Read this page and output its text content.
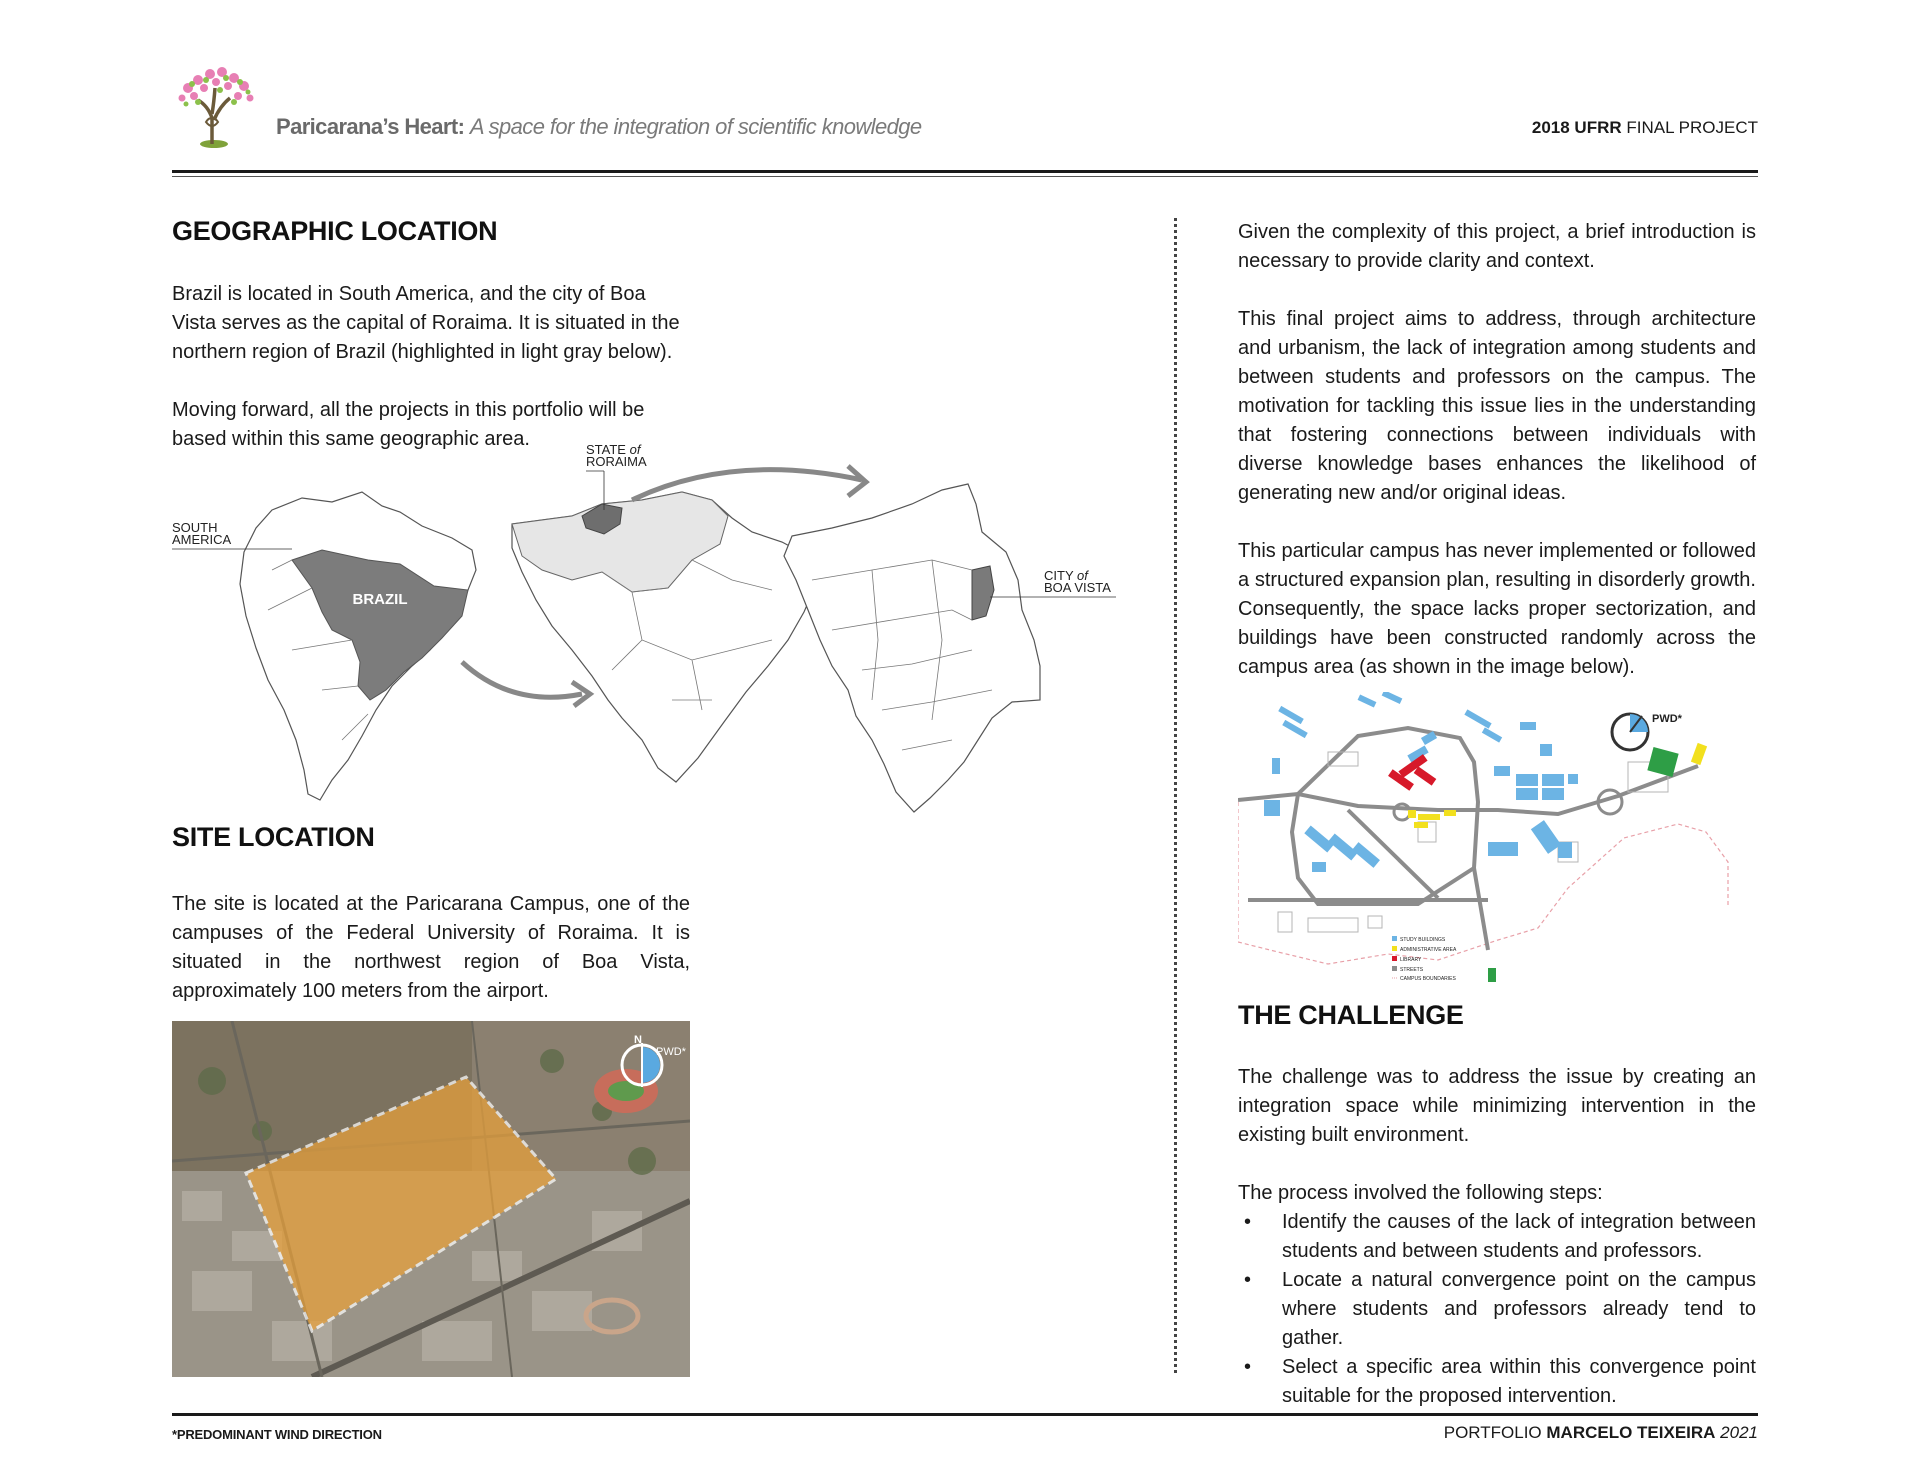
Paricarana’s Heart: A space for the integration of scientific knowledge	2018 UFRR FINAL PROJECT
GEOGRAPHIC LOCATION

Brazil is located in South America, and the city of Boa Vista serves as the capital of Roraima. It is situated in the northern region of Brazil (highlighted in light gray below).

Moving forward, all the projects in this portfolio will be based within this same geographic area.

BRAZIL
SOUTH
AMERICA
STATE of
RORAIMA
CITY of
BOA VISTA
SITE LOCATION
The site is located at the Paricarana Campus, one of the campuses of the Federal University of Roraima. It is situated in the northwest region of Boa Vista, approximately 100 meters from the airport.
N
PWD*

Given the complexity of this project, a brief introduction is necessary to provide clarity and context.

This final project aims to address, through architecture and urbanism, the lack of integration among students and between students and professors on the campus. The motivation for tackling this issue lies in the understanding that fostering connections between individuals with diverse knowledge bases enhances the likelihood of generating new and/or original ideas.

This particular campus has never implemented or followed a structured expansion plan, resulting in disorderly growth. Consequently, the space lacks proper sectorization, and buildings have been constructed randomly across the campus area (as shown in the image below).

PWD*
STUDY BUILDINGS
ADMINISTRATIVE AREA
LIBRARY
STREETS
CAMPUS BOUNDARIES
THE CHALLENGE

The challenge was to address the issue by creating an integration space while minimizing intervention in the existing built environment.

The process involved the following steps:
• Identify the causes of the lack of integration between students and between students and professors.
• Locate a natural convergence point on the campus where students and professors already tend to gather.
• Select a specific area within this convergence point suitable for the proposed intervention.
*PREDOMINANT WIND DIRECTION	PORTFOLIO MARCELO TEIXEIRA 2021
